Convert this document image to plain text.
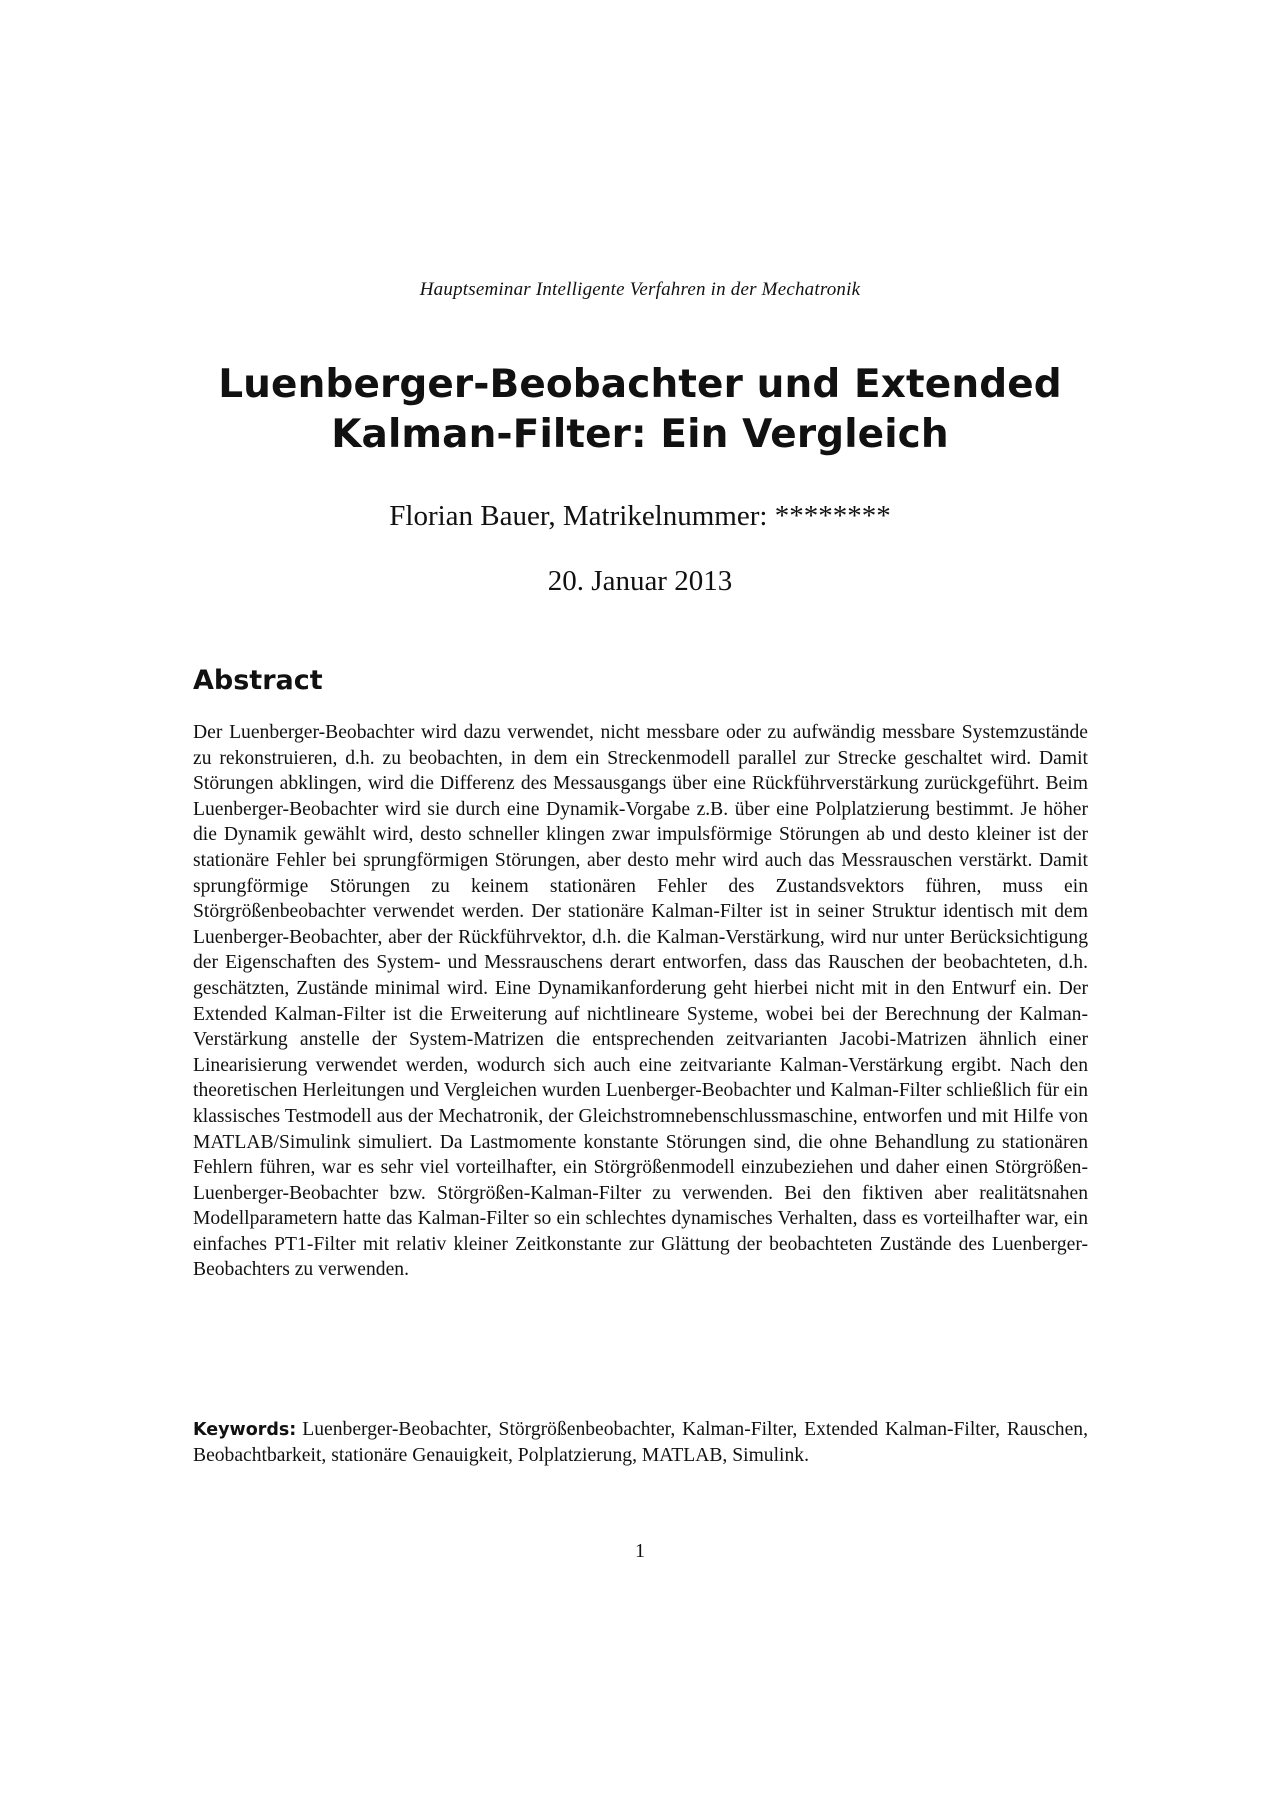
Hauptseminar Intelligente Verfahren in der Mechatronik
Luenberger-Beobachter und Extended
Kalman-Filter: Ein Vergleich
Florian Bauer, Matrikelnummer: ********
20. Januar 2013
Abstract

Der Luenberger-Beobachter wird dazu verwendet, nicht messbare oder zu aufwändig messbare Systemzustände zu rekonstruieren, d.h. zu beobachten, in dem ein Streckenmodell parallel zur Strecke geschaltet wird. Damit Störungen abklingen, wird die Differenz des Messausgangs über eine Rückführverstärkung zurückgeführt. Beim Luenberger-Beobachter wird sie durch eine Dynamik-Vorgabe z.B. über eine Polplatzierung bestimmt. Je höher die Dynamik gewählt wird, desto schneller klingen zwar impulsförmige Störungen ab und desto kleiner ist der stationäre Fehler bei sprungförmigen Störungen, aber desto mehr wird auch das Messrauschen verstärkt. Damit sprungförmige Störungen zu keinem stationären Fehler des Zustandsvektors führen, muss ein Störgrößenbeobachter verwendet werden. Der stationäre Kalman-Filter ist in seiner Struktur identisch mit dem Luenberger-Beobachter, aber der Rückführvektor, d.h. die Kalman-Verstärkung, wird nur unter Berücksichtigung der Eigenschaften des System- und Messrauschens derart entworfen, dass das Rauschen der beobachteten, d.h. geschätzten, Zustände minimal wird. Eine Dynamikanforderung geht hierbei nicht mit in den Entwurf ein. Der Extended Kalman-Filter ist die Erweiterung auf nichtlineare Systeme, wobei bei der Berechnung der Kalman-Verstärkung anstelle der System-Matrizen die entsprechenden zeitvarianten Jacobi-Matrizen ähnlich einer Linearisierung verwendet werden, wodurch sich auch eine zeitvariante Kalman-Verstärkung ergibt. Nach den theoretischen Herleitungen und Vergleichen wurden Luenberger-Beobachter und Kalman-Filter schließlich für ein klassisches Testmodell aus der Mechatronik, der Gleichstromnebenschlussmaschine, entworfen und mit Hilfe von MATLAB/Simulink simuliert. Da Lastmomente konstante Störungen sind, die ohne Behandlung zu stationären Fehlern führen, war es sehr viel vorteilhafter, ein Störgrößenmodell einzubeziehen und daher einen Störgrößen-Luenberger-Beobachter bzw. Störgrößen-Kalman-Filter zu verwenden. Bei den fiktiven aber realitätsnahen Modellparametern hatte das Kalman-Filter so ein schlechtes dynamisches Verhalten, dass es vorteilhafter war, ein einfaches PT1-Filter mit relativ kleiner Zeitkonstante zur Glättung der beobachteten Zustände des Luenberger-Beobachters zu verwenden.

Keywords: Luenberger-Beobachter, Störgrößenbeobachter, Kalman-Filter, Extended Kalman-Filter, Rauschen, Beobachtbarkeit, stationäre Genauigkeit, Polplatzierung, MATLAB, Simulink.

1
